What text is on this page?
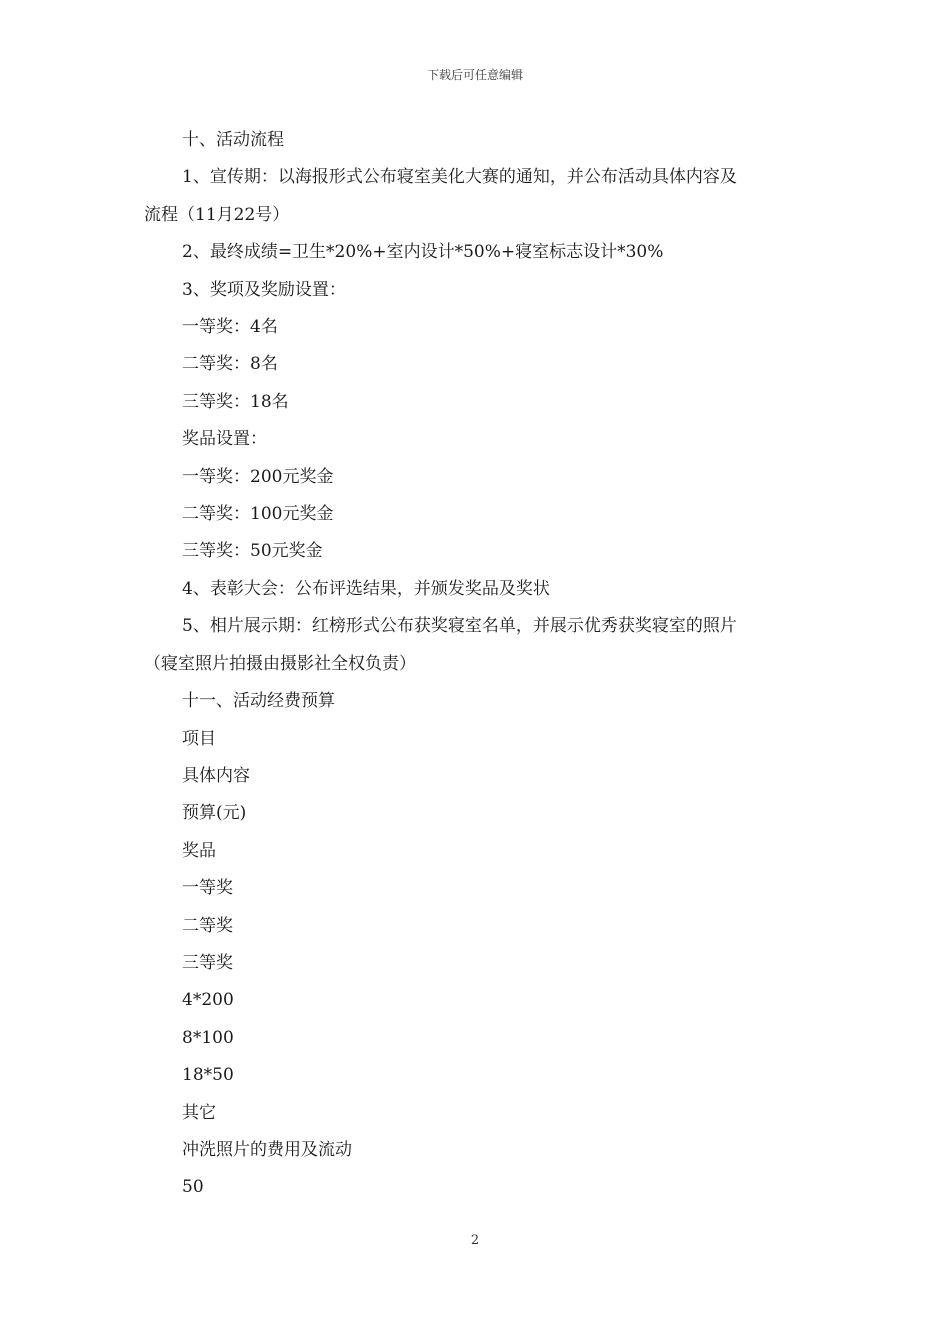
下载后可任意编辑

十、活动流程

1、宣传期：以海报形式公布寝室美化大赛的通知，并公布活动具体内容及

流程（11月22号）

2、最终成绩=卫生*20%+室内设计*50%+寝室标志设计*30%

3、奖项及奖励设置：

一等奖：4名

二等奖：8名

三等奖：18名

奖品设置：

一等奖：200元奖金

二等奖：100元奖金

三等奖：50元奖金

4、表彰大会：公布评选结果，并颁发奖品及奖状

5、相片展示期：红榜形式公布获奖寝室名单，并展示优秀获奖寝室的照片

（寝室照片拍摄由摄影社全权负责）

十一、活动经费预算

项目

具体内容

预算(元)

奖品

一等奖

二等奖

三等奖

4*200

8*100

18*50

其它

冲洗照片的费用及流动

50

2
